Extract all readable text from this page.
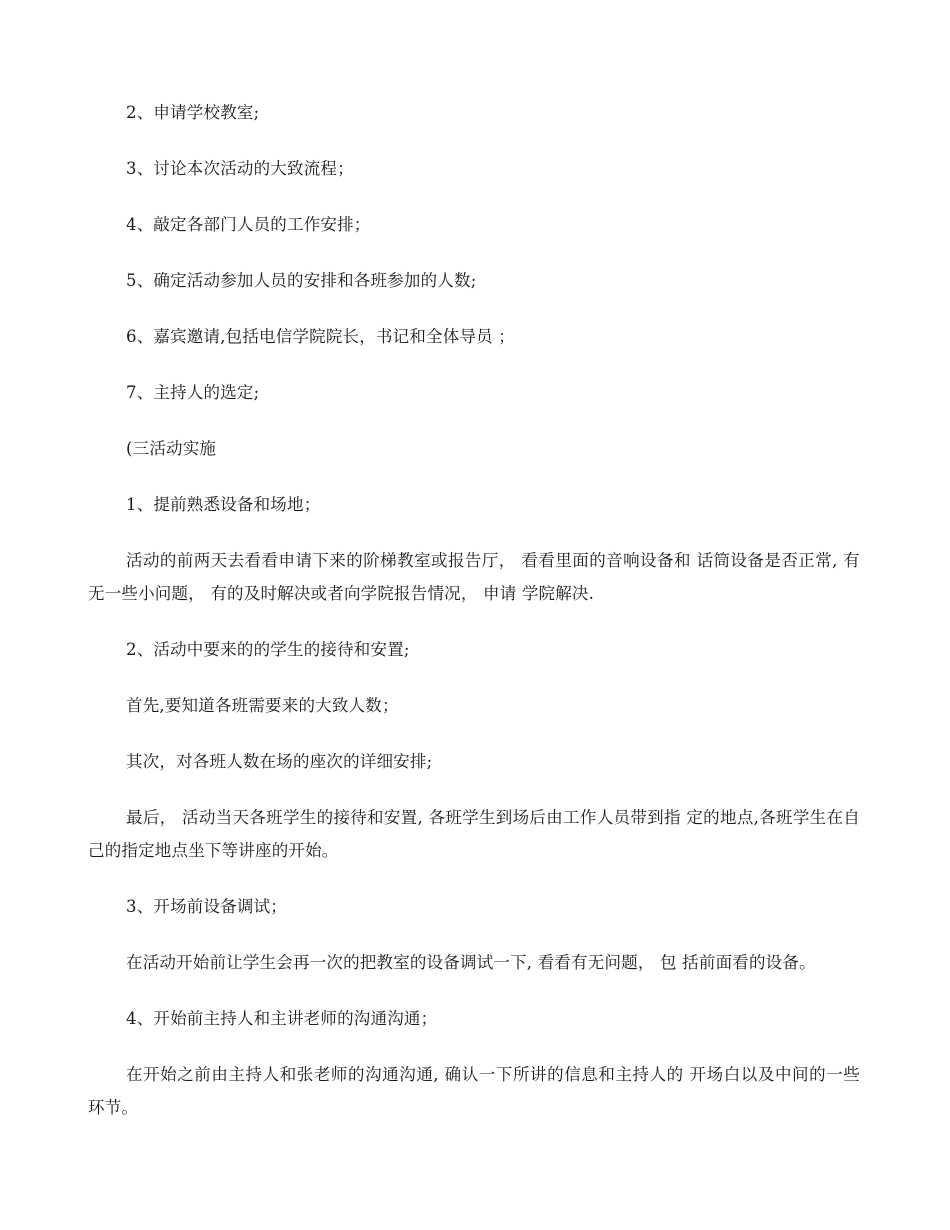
2、申请学校教室;

3、讨论本次活动的大致流程；

4、敲定各部门人员的工作安排；

5、确定活动参加人员的安排和各班参加的人数;

6、嘉宾邀请,包括电信学院院长，书记和全体导员 ；

7、主持人的选定;

(三活动实施

1、提前熟悉设备和场地；

活动的前两天去看看申请下来的阶梯教室或报告厅， 看看里面的音响设备和 话筒设备是否正常, 有无一些小问题， 有的及时解决或者向学院报告情况， 申请 学院解决.

2、活动中要来的的学生的接待和安置;

首先,要知道各班需要来的大致人数；

其次，对各班人数在场的座次的详细安排;

最后， 活动当天各班学生的接待和安置, 各班学生到场后由工作人员带到指 定的地点,各班学生在自己的指定地点坐下等讲座的开始。

3、开场前设备调试；

在活动开始前让学生会再一次的把教室的设备调试一下, 看看有无问题， 包 括前面看的设备。

4、开始前主持人和主讲老师的沟通沟通；

在开始之前由主持人和张老师的沟通沟通, 确认一下所讲的信息和主持人的 开场白以及中间的一些环节。
